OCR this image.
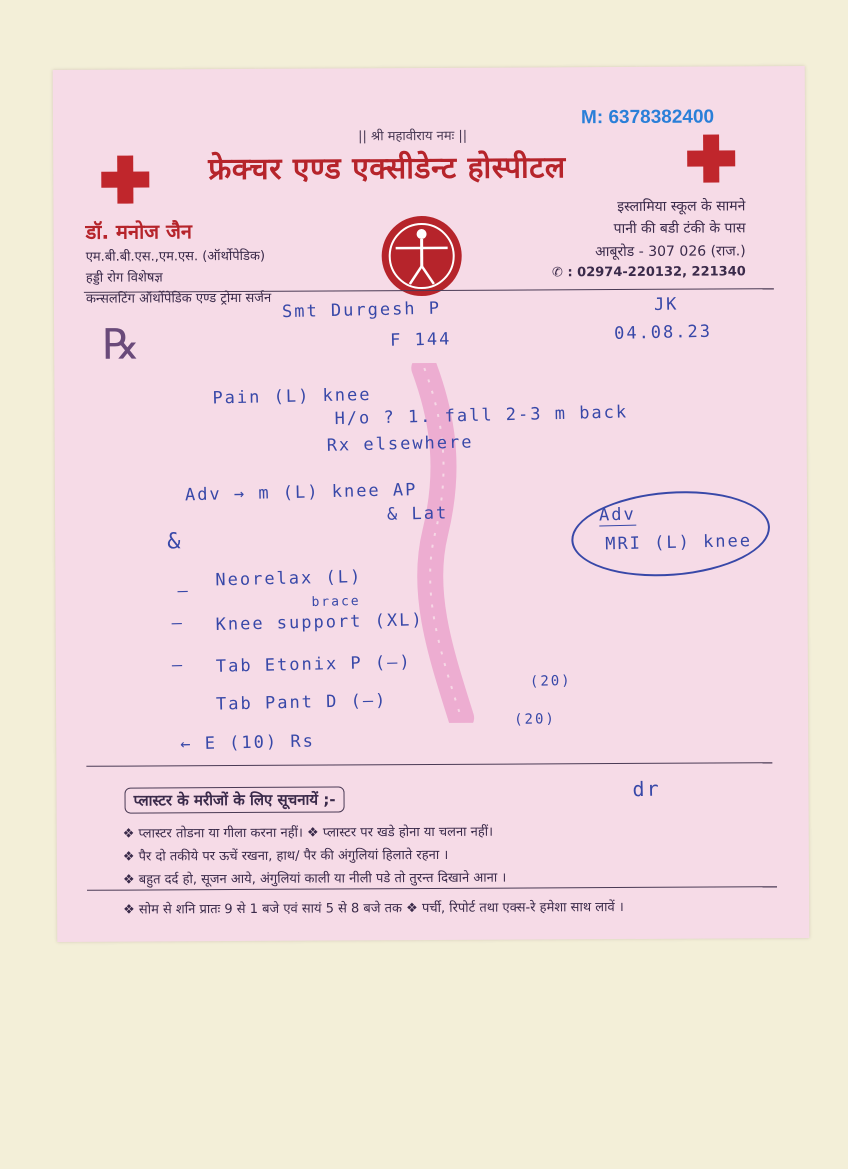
|| श्री महावीराय नमः ||
M: 6378382400
फ्रेक्चर एण्ड एक्सीडेन्ट होस्पीटल
डॉ. मनोज जैन
एम.बी.बी.एस.,एम.एस. (ऑर्थोपेडिक)
हड्डी रोग विशेषज्ञ
कन्सलटिंग ऑर्थोपेडिक एण्ड ट्रोमा सर्जन
इस्लामिया स्कूल के सामने
पानी की बडी टंकी के पास
आबूरोड - 307 026 (राज.)
✆ : 02974-220132, 221340
℞
Smt Durgesh P
F 144
JK
04.08.23
Pain (L) knee
H/o ? 1. fall 2-3 m back
Rx elsewhere
Adv → m (L) knee AP
& Lat
&
Adv
MRI (L) knee
Neorelax (L)
—
brace
Knee support (XL)
—
Tab Etonix P (—)
—
(20)
Tab Pant D (—)
(20)
← E (10) Rs
dr
प्लास्टर के मरीजों के लिए सूचनायें ;-
❖ प्लास्टर तोडना या गीला करना नहीं। ❖ प्लास्टर पर खडे होना या चलना नहीं।
❖ पैर दो तकीये पर ऊचें रखना, हाथ/ पैर की अंगुलियां हिलाते रहना ।
❖ बहुत दर्द हो, सूजन आये, अंगुलियां काली या नीली पडे तो तुरन्त दिखाने आना ।
❖ सोम से शनि प्रातः 9 से 1 बजे एवं सायं 5 से 8 बजे तक ❖ पर्ची, रिपोर्ट तथा एक्स-रे हमेशा साथ लावें ।
